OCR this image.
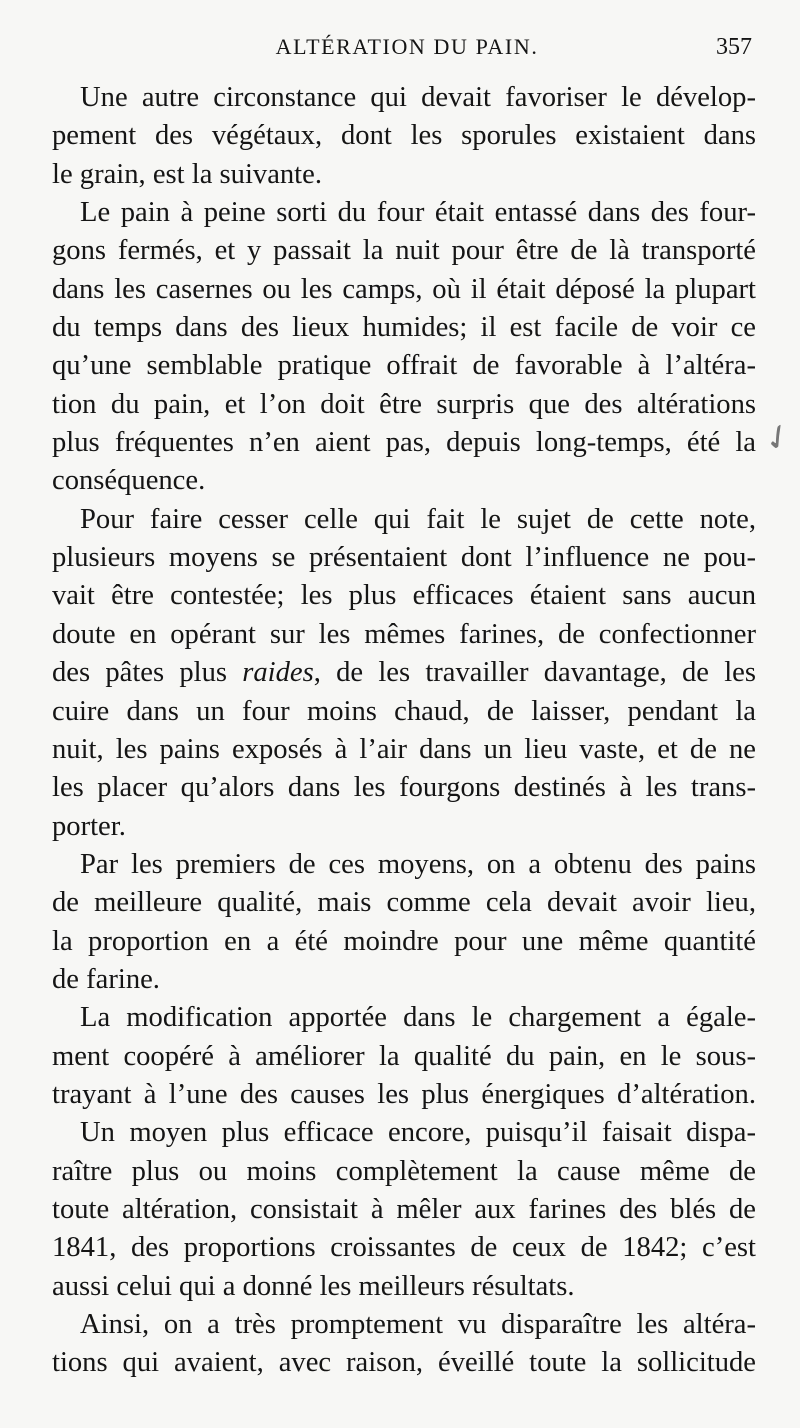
ALTÉRATION DU PAIN.	357
Une autre circonstance qui devait favoriser le dévelop-
pement des végétaux, dont les sporules existaient dans
le grain, est la suivante.
Le pain à peine sorti du four était entassé dans des four-
gons fermés, et y passait la nuit pour être de là transporté
dans les casernes ou les camps, où il était déposé la plupart
du temps dans des lieux humides; il est facile de voir ce
qu’une semblable pratique offrait de favorable à l’altéra-
tion du pain, et l’on doit être surpris que des altérations
plus fréquentes n’en aient pas, depuis long-temps, été la
conséquence.
Pour faire cesser celle qui fait le sujet de cette note,
plusieurs moyens se présentaient dont l’influence ne pou-
vait être contestée; les plus efficaces étaient sans aucun
doute en opérant sur les mêmes farines, de confectionner
des pâtes plus raides, de les travailler davantage, de les
cuire dans un four moins chaud, de laisser, pendant la
nuit, les pains exposés à l’air dans un lieu vaste, et de ne
les placer qu’alors dans les fourgons destinés à les trans-
porter.
Par les premiers de ces moyens, on a obtenu des pains
de meilleure qualité, mais comme cela devait avoir lieu,
la proportion en a été moindre pour une même quantité
de farine.
La modification apportée dans le chargement a égale-
ment coopéré à améliorer la qualité du pain, en le sous-
trayant à l’une des causes les plus énergiques d’altération.
Un moyen plus efficace encore, puisqu’il faisait dispa-
raître plus ou moins complètement la cause même de
toute altération, consistait à mêler aux farines des blés de
1841, des proportions croissantes de ceux de 1842; c’est
aussi celui qui a donné les meilleurs résultats.
Ainsi, on a très promptement vu disparaître les altéra-
tions qui avaient, avec raison, éveillé toute la sollicitude
✓
